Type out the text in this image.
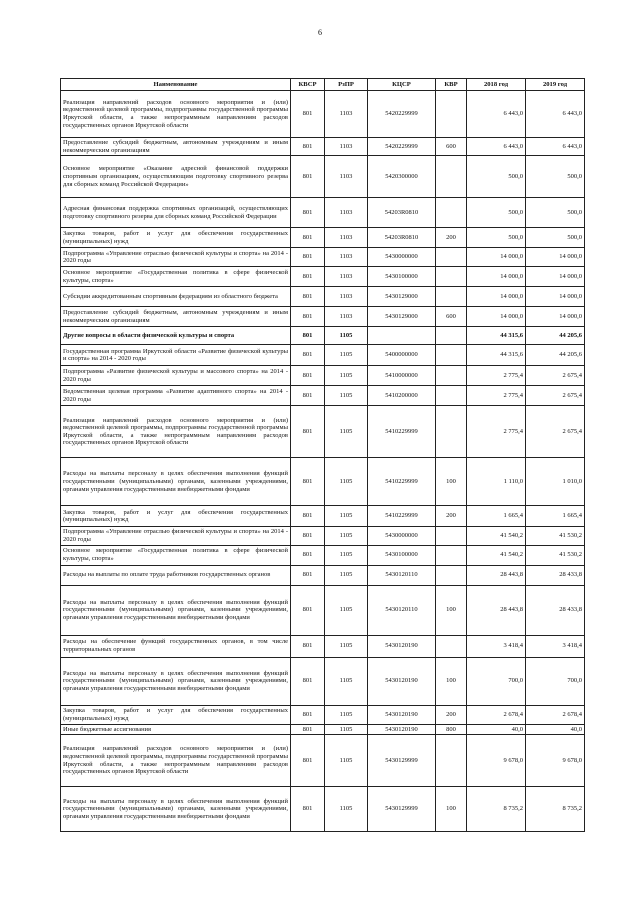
6
Наименование	КВСР	РзПР	КЦСР	КВР	2018 год	2019 год
Реализация направлений расходов основного мероприятия и (или) ведомственной целевой программы, подпрограммы государственной программы Иркутской области, а также непрограммным направлениям расходов государственных органов Иркутской области	801	1103	5420229999		6 443,0	6 443,0
Предоставление субсидий бюджетным, автономным учреждениям и иным некоммерческим организациям	801	1103	5420229999	600	6 443,0	6 443,0
Основное мероприятие «Оказание адресной финансовой поддержки спортивным организациям, осуществляющим подготовку спортивного резерва для сборных команд Российской Федерации»	801	1103	5420300000		500,0	500,0
Адресная финансовая поддержка спортивных организаций, осуществляющих подготовку спортивного резерва для сборных команд Российской Федерации	801	1103	54203R0810		500,0	500,0
Закупка товаров, работ и услуг для обеспечения государственных (муниципальных) нужд	801	1103	54203R0810	200	500,0	500,0
Подпрограмма «Управление отраслью физической культуры и спорта» на 2014 - 2020 годы	801	1103	5430000000		14 000,0	14 000,0
Основное мероприятие «Государственная политика в сфере физической культуры, спорта»	801	1103	5430100000		14 000,0	14 000,0
Субсидии аккредитованным спортивным федерациям из областного бюджета	801	1103	5430129000		14 000,0	14 000,0
Предоставление субсидий бюджетным, автономным учреждениям и иным некоммерческим организациям	801	1103	5430129000	600	14 000,0	14 000,0
Другие вопросы в области физической культуры и спорта	801	1105			44 315,6	44 205,6
Государственная программа Иркутской области «Развитие физической культуры и спорта» на 2014 - 2020 годы	801	1105	5400000000		44 315,6	44 205,6
Подпрограмма «Развитие физической культуры и массового спорта» на 2014 - 2020 годы	801	1105	5410000000		2 775,4	2 675,4
Ведомственная целевая программа «Развитие адаптивного спорта» на 2014 - 2020 годы	801	1105	5410200000		2 775,4	2 675,4
Реализация направлений расходов основного мероприятия и (или) ведомственной целевой программы, подпрограммы государственной программы Иркутской области, а также непрограммным направлениям расходов государственных органов Иркутской области	801	1105	5410229999		2 775,4	2 675,4
Расходы на выплаты персоналу в целях обеспечения выполнения функций государственными (муниципальными) органами, казенными учреждениями, органами управления государственными внебюджетными фондами	801	1105	5410229999	100	1 110,0	1 010,0
Закупка товаров, работ и услуг для обеспечения государственных (муниципальных) нужд	801	1105	5410229999	200	1 665,4	1 665,4
Подпрограмма «Управление отраслью физической культуры и спорта» на 2014 - 2020 годы	801	1105	5430000000		41 540,2	41 530,2
Основное мероприятие «Государственная политика в сфере физической культуры, спорта»	801	1105	5430100000		41 540,2	41 530,2
Расходы на выплаты по оплате труда работников государственных органов	801	1105	5430120110		28 443,8	28 433,8
Расходы на выплаты персоналу в целях обеспечения выполнения функций государственными (муниципальными) органами, казенными учреждениями, органами управления государственными внебюджетными фондами	801	1105	5430120110	100	28 443,8	28 433,8
Расходы на обеспечение функций государственных органов, в том числе территориальных органов	801	1105	5430120190		3 418,4	3 418,4
Расходы на выплаты персоналу в целях обеспечения выполнения функций государственными (муниципальными) органами, казенными учреждениями, органами управления государственными внебюджетными фондами	801	1105	5430120190	100	700,0	700,0
Закупка товаров, работ и услуг для обеспечения государственных (муниципальных) нужд	801	1105	5430120190	200	2 678,4	2 678,4
Иные бюджетные ассигнования	801	1105	5430120190	800	40,0	40,0
Реализация направлений расходов основного мероприятия и (или) ведомственной целевой программы, подпрограммы государственной программы Иркутской области, а также непрограммным направлениям расходов государственных органов Иркутской области	801	1105	5430129999		9 678,0	9 678,0
Расходы на выплаты персоналу в целях обеспечения выполнения функций государственными (муниципальными) органами, казенными учреждениями, органами управления государственными внебюджетными фондами	801	1105	5430129999	100	8 735,2	8 735,2
